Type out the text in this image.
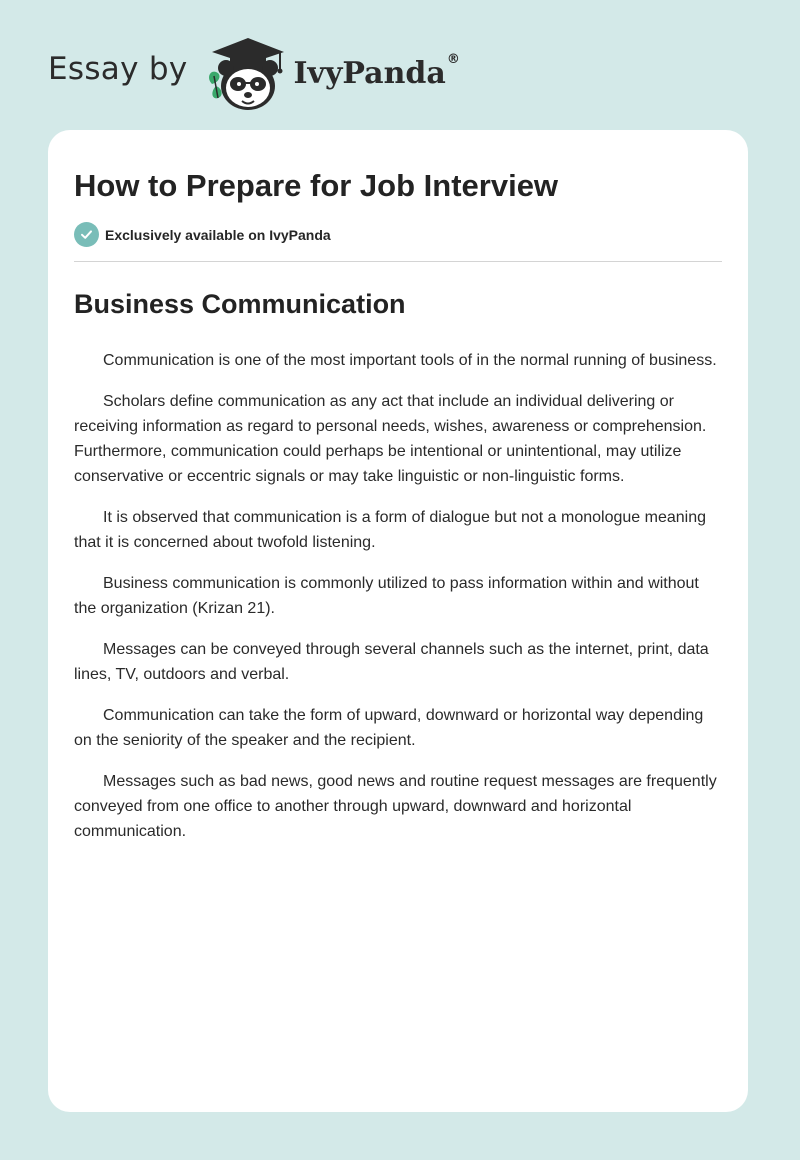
Essay by	IvyPanda®
How to Prepare for Job Interview
Exclusively available on IvyPanda
Business Communication

Communication is one of the most important tools of in the normal running of business.

Scholars define communication as any act that include an individual delivering or receiving information as regard to personal needs, wishes, awareness or comprehension. Furthermore, communication could perhaps be intentional or unintentional, may utilize conservative or eccentric signals or may take linguistic or non-linguistic forms.

It is observed that communication is a form of dialogue but not a monologue meaning that it is concerned about twofold listening.

Business communication is commonly utilized to pass information within and without the organization (Krizan 21).

Messages can be conveyed through several channels such as the internet, print, data lines, TV, outdoors and verbal.

Communication can take the form of upward, downward or horizontal way depending on the seniority of the speaker and the recipient.

Messages such as bad news, good news and routine request messages are frequently conveyed from one office to another through upward, downward and horizontal communication.
